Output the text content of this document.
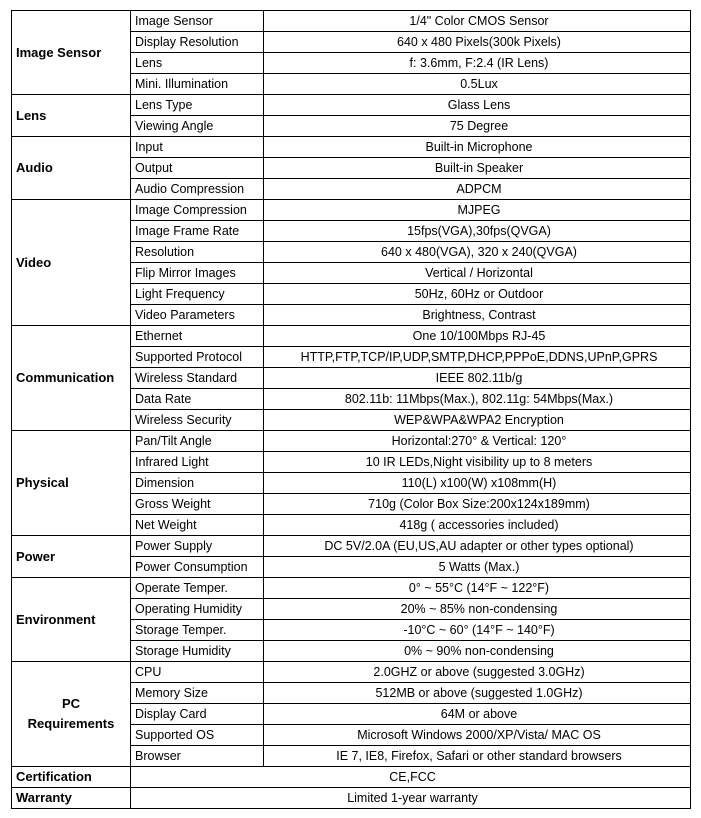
Image Sensor	Image Sensor	1/4" Color CMOS Sensor
	Display Resolution	640 x 480 Pixels(300k Pixels)
	Lens	f: 3.6mm, F:2.4 (IR Lens)
	Mini. Illumination	0.5Lux
Lens	Lens Type	Glass Lens
	Viewing Angle	75 Degree
Audio	Input	Built-in Microphone
	Output	Built-in Speaker
	Audio Compression	ADPCM
Video	Image Compression	MJPEG
	Image Frame Rate	15fps(VGA),30fps(QVGA)
	Resolution	640 x 480(VGA), 320 x 240(QVGA)
	Flip Mirror Images	Vertical / Horizontal
	Light Frequency	50Hz, 60Hz or Outdoor
	Video Parameters	Brightness, Contrast
Communication	Ethernet	One 10/100Mbps RJ-45
	Supported Protocol	HTTP,FTP,TCP/IP,UDP,SMTP,DHCP,PPPoE,DDNS,UPnP,GPRS
	Wireless Standard	IEEE 802.11b/g
	Data Rate	802.11b: 11Mbps(Max.), 802.11g: 54Mbps(Max.)
	Wireless Security	WEP&WPA&WPA2 Encryption
Physical	Pan/Tilt Angle	Horizontal:270° & Vertical: 120°
	Infrared Light	10 IR LEDs,Night visibility up to 8 meters
	Dimension	110(L) x100(W) x108mm(H)
	Gross Weight	710g (Color Box Size:200x124x189mm)
	Net Weight	418g ( accessories included)
Power	Power Supply	DC 5V/2.0A (EU,US,AU adapter or other types optional)
	Power Consumption	5 Watts (Max.)
Environment	Operate Temper.	0° ~ 55°C (14°F ~ 122°F)
	Operating Humidity	20% ~ 85% non-condensing
	Storage Temper.	-10°C ~ 60° (14°F ~ 140°F)
	Storage Humidity	0% ~ 90% non-condensing

PC
Requirements	CPU	2.0GHZ or above (suggested 3.0GHz)
	Memory Size	512MB or above (suggested 1.0GHz)
	Display Card	64M or above
	Supported OS	Microsoft Windows 2000/XP/Vista/ MAC OS
	Browser	IE 7, IE8, Firefox, Safari or other standard browsers
Certification	CE,FCC	
Warranty	Limited 1-year warranty	
